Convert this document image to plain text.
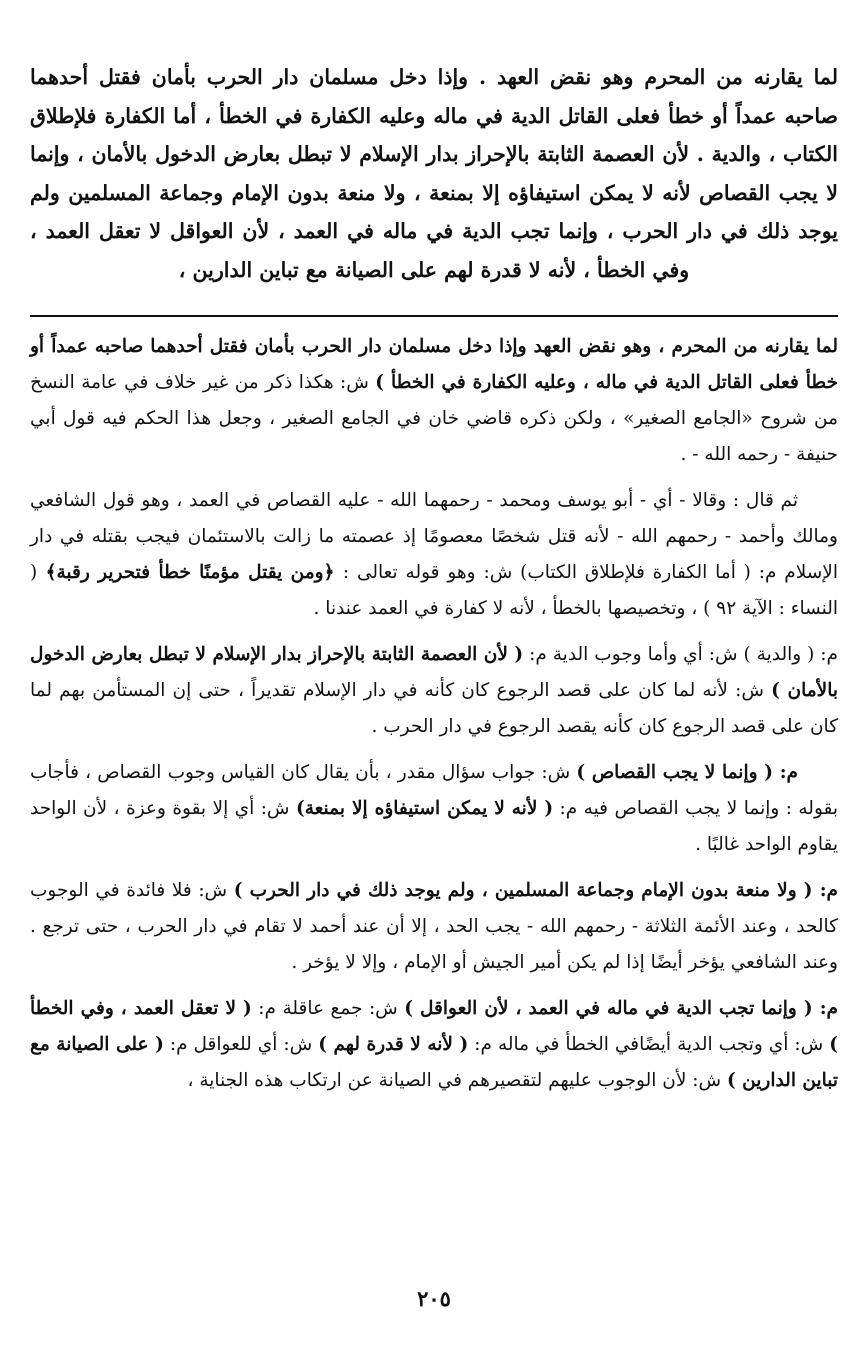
لما يقارنه من المحرم وهو نقض العهد . وإذا دخل مسلمان دار الحرب بأمان فقتل أحدهما صاحبه عمداً أو خطأ فعلى القاتل الدية في ماله وعليه الكفارة في الخطأ ، أما الكفارة فلإطلاق الكتاب ، والدية . لأن العصمة الثابتة بالإحراز بدار الإسلام لا تبطل بعارض الدخول بالأمان ، وإنما لا يجب القصاص لأنه لا يمكن استيفاؤه إلا بمنعة ، ولا منعة بدون الإمام وجماعة المسلمين ولم يوجد ذلك في دار الحرب ، وإنما تجب الدية في ماله في العمد ، لأن العواقل لا تعقل العمد ، وفي الخطأ ، لأنه لا قدرة لهم على الصيانة مع تباين الدارين ،

لما يقارنه من المحرم ، وهو نقض العهد وإذا دخل مسلمان دار الحرب بأمان فقتل أحدهما صاحبه عمداً أو خطأ فعلى القاتل الدية في ماله ، وعليه الكفارة في الخطأ ) ش: هكذا ذكر من غير خلاف في عامة النسخ من شروح «الجامع الصغير» ، ولكن ذكره قاضي خان في الجامع الصغير ، وجعل هذا الحكم فيه قول أبي حنيفة - رحمه الله - .

ثم قال : وقالا - أي - أبو يوسف ومحمد - رحمهما الله - عليه القصاص في العمد ، وهو قول الشافعي ومالك وأحمد - رحمهم الله - لأنه قتل شخصًا معصومًا إذ عصمته ما زالت بالاستئمان فيجب بقتله في دار الإسلام م: ( أما الكفارة فلإطلاق الكتاب) ش: وهو قوله تعالى : ﴿ومن يقتل مؤمنًا خطأ فتحرير رقبة﴾ ( النساء : الآية ٩٢ ) ، وتخصيصها بالخطأ ، لأنه لا كفارة في العمد عندنا .

م: ( والدية ) ش: أي وأما وجوب الدية م: ( لأن العصمة الثابتة بالإحراز بدار الإسلام لا تبطل بعارض الدخول بالأمان ) ش: لأنه لما كان على قصد الرجوع كان كأنه في دار الإسلام تقديراً ، حتى إن المستأمن بهم لما كان على قصد الرجوع كان كأنه يقصد الرجوع في دار الحرب .

م: ( وإنما لا يجب القصاص ) ش: جواب سؤال مقدر ، بأن يقال كان القياس وجوب القصاص ، فأجاب بقوله : وإنما لا يجب القصاص فيه م: ( لأنه لا يمكن استيفاؤه إلا بمنعة) ش: أي إلا بقوة وعزة ، لأن الواحد يقاوم الواحد غالبًا .

م: ( ولا منعة بدون الإمام وجماعة المسلمين ، ولم يوجد ذلك في دار الحرب ) ش: فلا فائدة في الوجوب كالحد ، وعند الأئمة الثلاثة - رحمهم الله - يجب الحد ، إلا أن عند أحمد لا تقام في دار الحرب ، حتى ترجع . وعند الشافعي يؤخر أيضًا إذا لم يكن أمير الجيش أو الإمام ، وإلا لا يؤخر .

م: ( وإنما تجب الدية في ماله في العمد ، لأن العواقل ) ش: جمع عاقلة م: ( لا تعقل العمد ، وفي الخطأ ) ش: أي وتجب الدية أيضًافي الخطأ في ماله م: ( لأنه لا قدرة لهم ) ش: أي للعواقل م: ( على الصيانة مع تباين الدارين ) ش: لأن الوجوب عليهم لتقصيرهم في الصيانة عن ارتكاب هذه الجناية ،

٢٠٥
